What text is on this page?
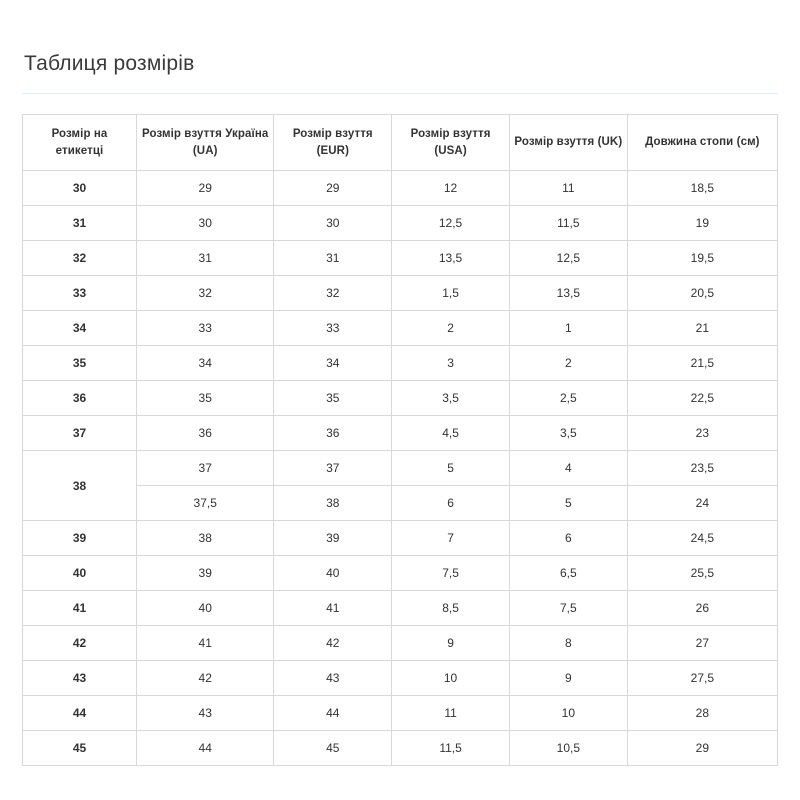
Таблиця розмірів
Розмір на етикетці	Розмір взуття Україна (UA)	Розмір взуття (EUR)	Розмір взуття (USA)	Розмір взуття (UK)	Довжина стопи (см)
30	29	29	12	11	18,5
31	30	30	12,5	11,5	19
32	31	31	13,5	12,5	19,5
33	32	32	1,5	13,5	20,5
34	33	33	2	1	21
35	34	34	3	2	21,5
36	35	35	3,5	2,5	22,5
37	36	36	4,5	3,5	23
38	37	37	5	4	23,5
	37,5	38	6	5	24
39	38	39	7	6	24,5
40	39	40	7,5	6,5	25,5
41	40	41	8,5	7,5	26
42	41	42	9	8	27
43	42	43	10	9	27,5
44	43	44	11	10	28
45	44	45	11,5	10,5	29
